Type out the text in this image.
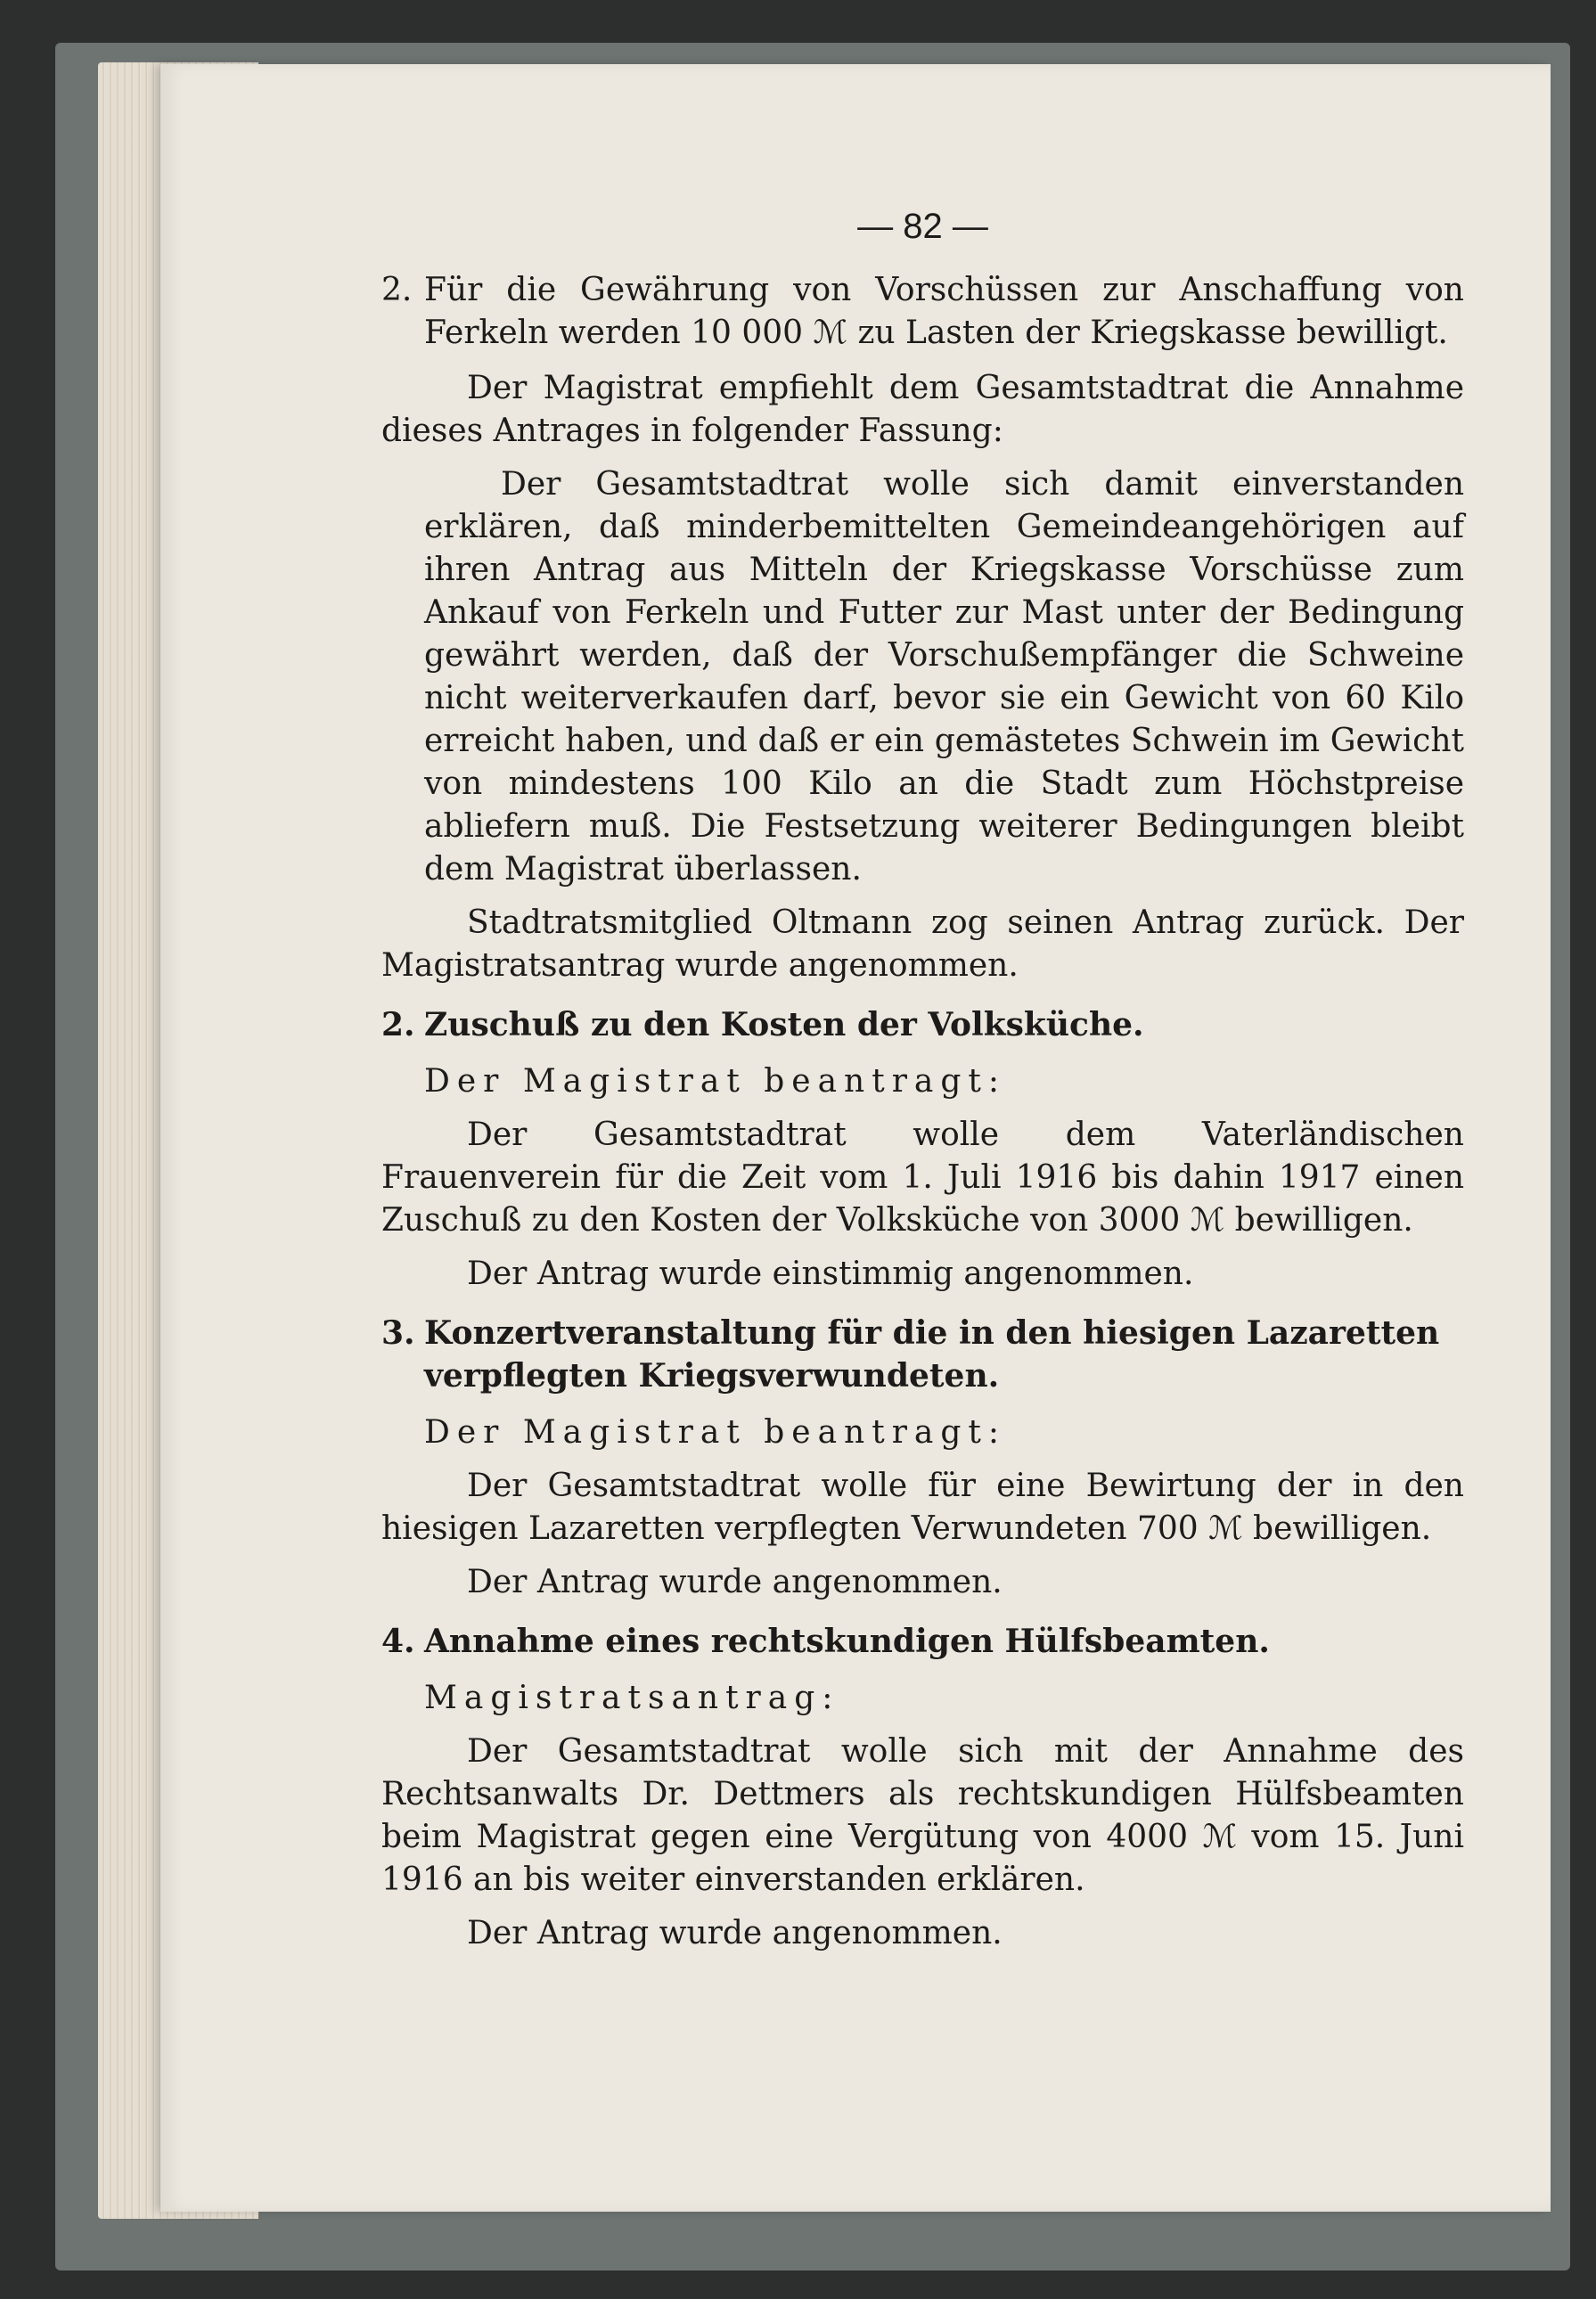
— 82 —
2. Für die Gewährung von Vorschüssen zur Anschaffung von Ferkeln werden 10 000 ℳ zu Lasten der Kriegskasse bewilligt.

Der Magistrat empfiehlt dem Gesamtstadtrat die Annahme dieses Antrages in folgender Fassung:

Der Gesamtstadtrat wolle sich damit einverstanden erklären, daß minderbemittelten Gemeindeangehörigen auf ihren Antrag aus Mitteln der Kriegskasse Vorschüsse zum Ankauf von Ferkeln und Futter zur Mast unter der Bedingung gewährt werden, daß der Vorschußempfänger die Schweine nicht weiterverkaufen darf, bevor sie ein Gewicht von 60 Kilo erreicht haben, und daß er ein gemästetes Schwein im Gewicht von mindestens 100 Kilo an die Stadt zum Höchstpreise abliefern muß. Die Festsetzung weiterer Bedingungen bleibt dem Magistrat überlassen.

Stadtratsmitglied Oltmann zog seinen Antrag zurück. Der Magistratsantrag wurde angenommen.

2. Zuschuß zu den Kosten der Volksküche.

Der Magistrat beantragt:

Der Gesamtstadtrat wolle dem Vaterländischen Frauenverein für die Zeit vom 1. Juli 1916 bis dahin 1917 einen Zuschuß zu den Kosten der Volksküche von 3000 ℳ bewilligen.

Der Antrag wurde einstimmig angenommen.

3. Konzertveranstaltung für die in den hiesigen Lazaretten verpflegten Kriegsverwundeten.

Der Magistrat beantragt:

Der Gesamtstadtrat wolle für eine Bewirtung der in den hiesigen Lazaretten verpflegten Verwundeten 700 ℳ bewilligen.

Der Antrag wurde angenommen.

4. Annahme eines rechtskundigen Hülfsbeamten.

Magistratsantrag:

Der Gesamtstadtrat wolle sich mit der Annahme des Rechtsanwalts Dr. Dettmers als rechtskundigen Hülfsbeamten beim Magistrat gegen eine Vergütung von 4000 ℳ vom 15. Juni 1916 an bis weiter einverstanden erklären.

Der Antrag wurde angenommen.
